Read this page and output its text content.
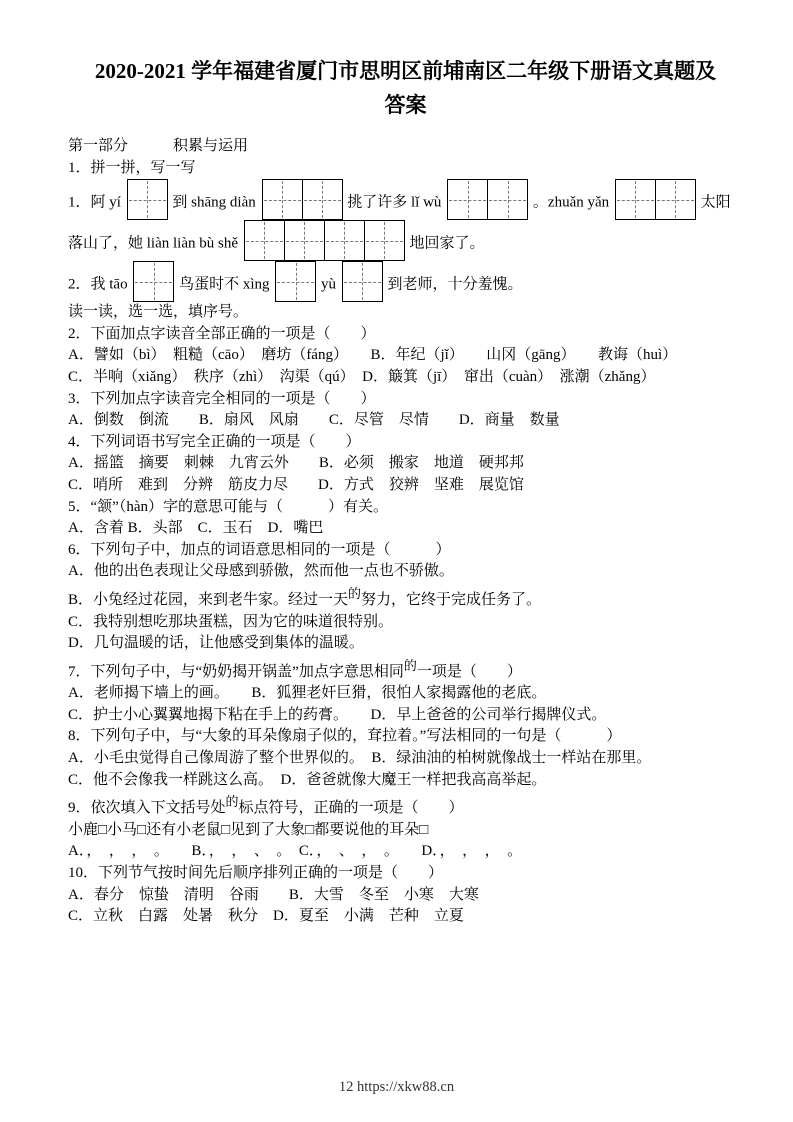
2020-2021 学年福建省厦门市思明区前埔南区二年级下册语文真题及
答案

第一部分　　　积累与运用

1．拼一拼，写一写

1．阿 yí	到 shāng diàn	挑了许多 lǐ wù	。zhuǎn yǎn	太阳

落山了，她 liàn liàn bù shě	地回家了。

2．我 tāo	鸟蛋时不 xìng	yù	到老师，十分羞愧。

读一读，选一选，填序号。

2．下面加点字读音全部正确的一项是（　　）

A．譬如（bì）　粗糙（cāo）　磨坊（fáng）　　B．年纪（jǐ）　　山冈（gāng）　　教诲（huì）

C．半响（xiǎng）　秩序（zhì）　沟渠（qú）　D．簸箕（jī）　窜出（cuàn）　涨潮（zhǎng）

3．下列加点字读音完全相同的一项是（　　）

A．倒数　倒流　　B．扇风　风扇　　C．尽管　尽情　　D．商量　数量

4．下列词语书写完全正确的一项是（　　）

A．摇篮　摘要　刺棘　九宵云外　　B．必须　搬家　地道　硬邦邦

C．哨所　难到　分辨　筋皮力尽　　D．方式　狡辨　坚难　展览馆

5．“颔”（hàn）字的意思可能与（　　　）有关。

A．含着 B．头部　C．玉石　D．嘴巴

6．下列句子中，加点的词语意思相同的一项是（　　　）

A．他的出色表现让父母感到骄傲，然而他一点也不骄傲。

B．小兔经过花园，来到老牛家。经过一天的努力，它终于完成任务了。

C．我特别想吃那块蛋糕，因为它的味道很特别。

D．几句温暖的话，让他感受到集体的温暖。

7．下列句子中，与“奶奶揭开锅盖”加点字意思相同的一项是（　　）

A．老师揭下墙上的画。　　B．狐狸老奸巨猾，很怕人家揭露他的老底。

C．护士小心翼翼地揭下粘在手上的药膏。　　D．早上爸爸的公司举行揭牌仪式。

8．下列句子中，与“大象的耳朵像扇子似的，耷拉着。”写法相同的一句是（　　　）

A．小毛虫觉得自己像周游了整个世界似的。　B．绿油油的柏树就像战士一样站在那里。

C．他不会像我一样跳这么高。　D．爸爸就像大魔王一样把我高高举起。

9．依次填入下文括号处的标点符号，正确的一项是（　　）

小鹿□小马□还有小老鼠□见到了大象□都要说他的耳朵□

A．，　，　，　。　　B．，　，　、　。　C．，　、　，　。　　D．，　，　，　。

10．下列节气按时间先后顺序排列正确的一项是（　　）

A．春分　惊蛰　清明　谷雨　　B．大雪　冬至　小寒　大寒

C．立秋　白露　处暑　秋分　D．夏至　小满　芒种　立夏

12 https://xkw88.cn
